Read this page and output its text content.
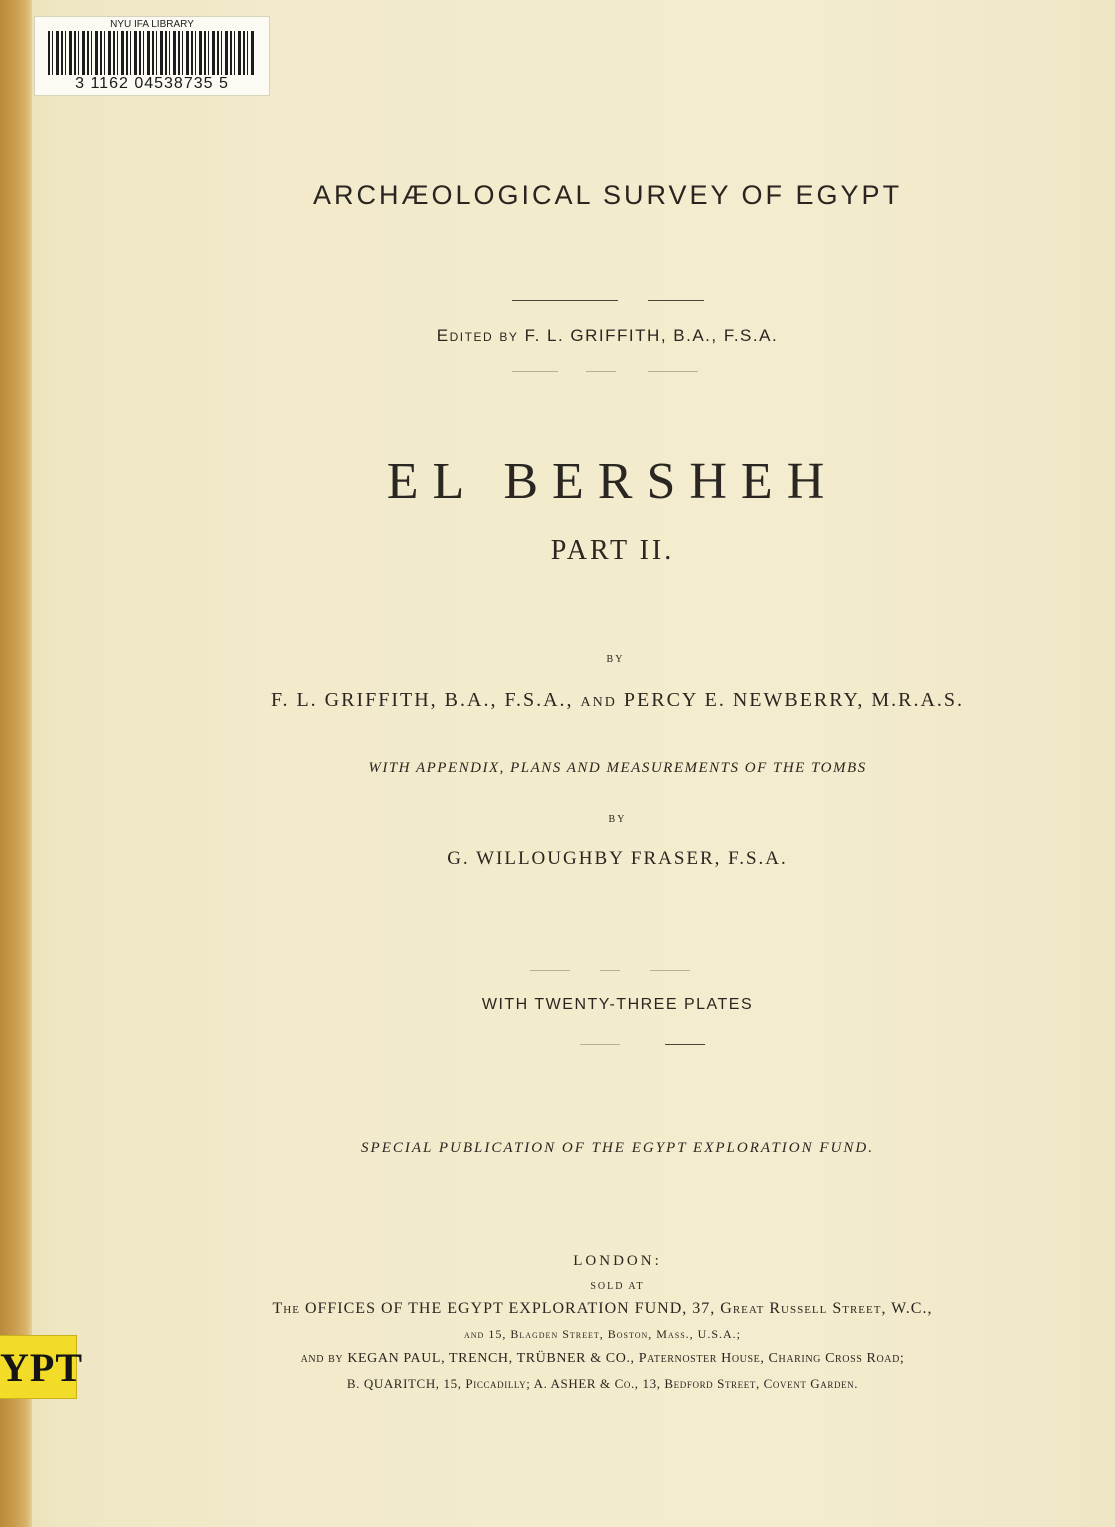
NYU IFA LIBRARY
3 1162 04538735 5
YPT
ARCHÆOLOGICAL SURVEY OF EGYPT
Edited by F. L. GRIFFITH, B.A., F.S.A.
EL BERSHEH
PART II.
BY
F. L. GRIFFITH, B.A., F.S.A., and PERCY E. NEWBERRY, M.R.A.S.
WITH APPENDIX, PLANS AND MEASUREMENTS OF THE TOMBS
BY
G. WILLOUGHBY FRASER, F.S.A.
WITH TWENTY-THREE PLATES
SPECIAL PUBLICATION OF THE EGYPT EXPLORATION FUND.
LONDON:
SOLD AT
The OFFICES OF THE EGYPT EXPLORATION FUND, 37, Great Russell Street, W.C.,
and 15, Blagden Street, Boston, Mass., U.S.A.;
and by KEGAN PAUL, TRENCH, TRÜBNER & CO., Paternoster House, Charing Cross Road;
B. QUARITCH, 15, Piccadilly; A. ASHER & Co., 13, Bedford Street, Covent Garden.
